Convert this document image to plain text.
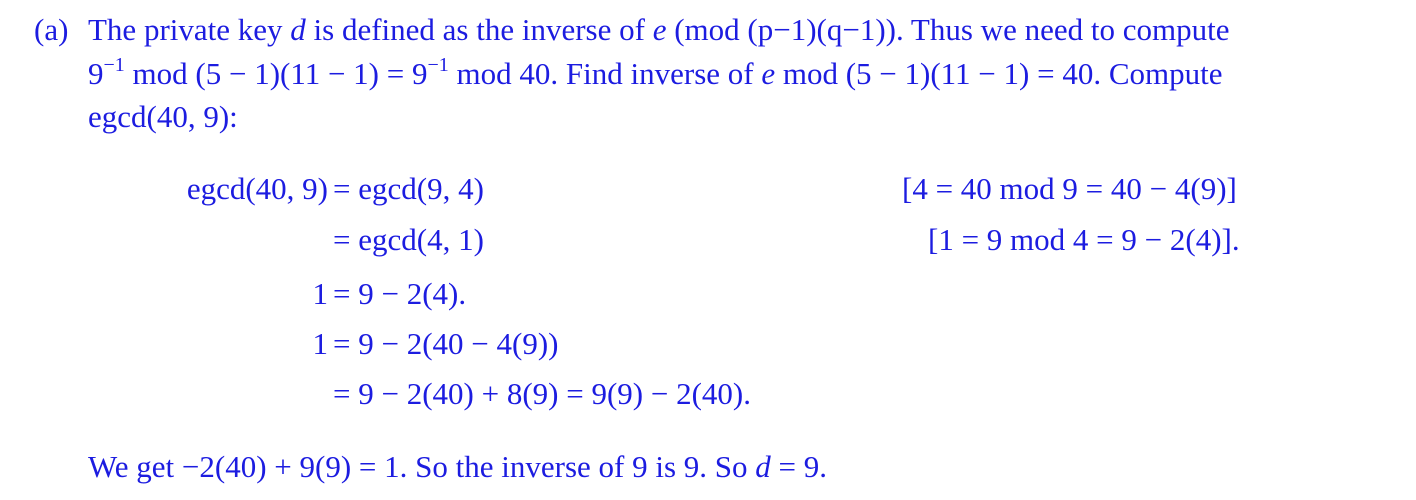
(a) The private key d is defined as the inverse of e (mod (p−1)(q−1)). Thus we need to compute
$9^{-1}$ mod $(5 - 1)(11 - 1) = 9^{-1}$ mod 40. Find inverse of e mod (5 − 1)(11 − 1) = 40. Compute
egcd(40, 9):
egcd(40, 9) = egcd(9, 4)	[4 = 40 mod 9 = 40 − 4(9)]
= egcd(4, 1)	[1 = 9 mod 4 = 9 − 2(4)].
1 = 9 − 2(4).
1 = 9 − 2(40 − 4(9))
= 9 − 2(40) + 8(9) = 9(9) − 2(40).
We get −2(40) + 9(9) = 1. So the inverse of 9 is 9. So d = 9.
